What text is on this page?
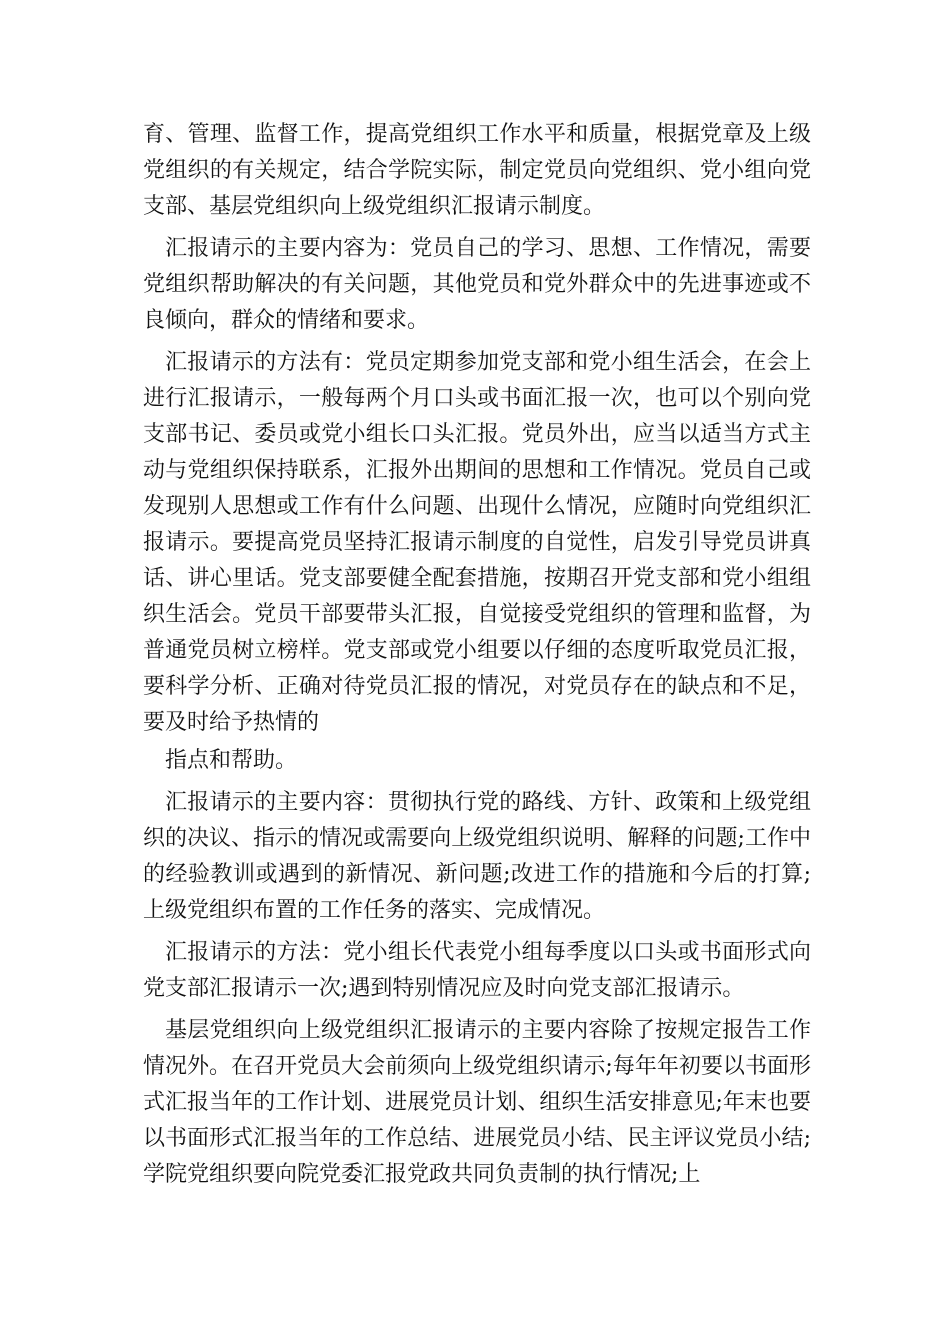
育、管理、监督工作，提高党组织工作水平和质量，根据党章及上级党组织的有关规定，结合学院实际，制定党员向党组织、党小组向党支部、基层党组织向上级党组织汇报请示制度。

汇报请示的主要内容为：党员自己的学习、思想、工作情况，需要党组织帮助解决的有关问题，其他党员和党外群众中的先进事迹或不良倾向，群众的情绪和要求。

汇报请示的方法有：党员定期参加党支部和党小组生活会，在会上进行汇报请示，一般每两个月口头或书面汇报一次，也可以个别向党支部书记、委员或党小组长口头汇报。党员外出，应当以适当方式主动与党组织保持联系，汇报外出期间的思想和工作情况。党员自己或发现别人思想或工作有什么问题、出现什么情况，应随时向党组织汇报请示。要提高党员坚持汇报请示制度的自觉性，启发引导党员讲真话、讲心里话。党支部要健全配套措施，按期召开党支部和党小组组织生活会。党员干部要带头汇报，自觉接受党组织的管理和监督，为普通党员树立榜样。党支部或党小组要以仔细的态度听取党员汇报，要科学分析、正确对待党员汇报的情况，对党员存在的缺点和不足，要及时给予热情的

指点和帮助。

汇报请示的主要内容：贯彻执行党的路线、方针、政策和上级党组织的决议、指示的情况或需要向上级党组织说明、解释的问题;工作中的经验教训或遇到的新情况、新问题;改进工作的措施和今后的打算;上级党组织布置的工作任务的落实、完成情况。

汇报请示的方法：党小组长代表党小组每季度以口头或书面形式向党支部汇报请示一次;遇到特别情况应及时向党支部汇报请示。

基层党组织向上级党组织汇报请示的主要内容除了按规定报告工作情况外。在召开党员大会前须向上级党组织请示;每年年初要以书面形式汇报当年的工作计划、进展党员计划、组织生活安排意见;年末也要以书面形式汇报当年的工作总结、进展党员小结、民主评议党员小结;学院党组织要向院党委汇报党政共同负责制的执行情况;上
